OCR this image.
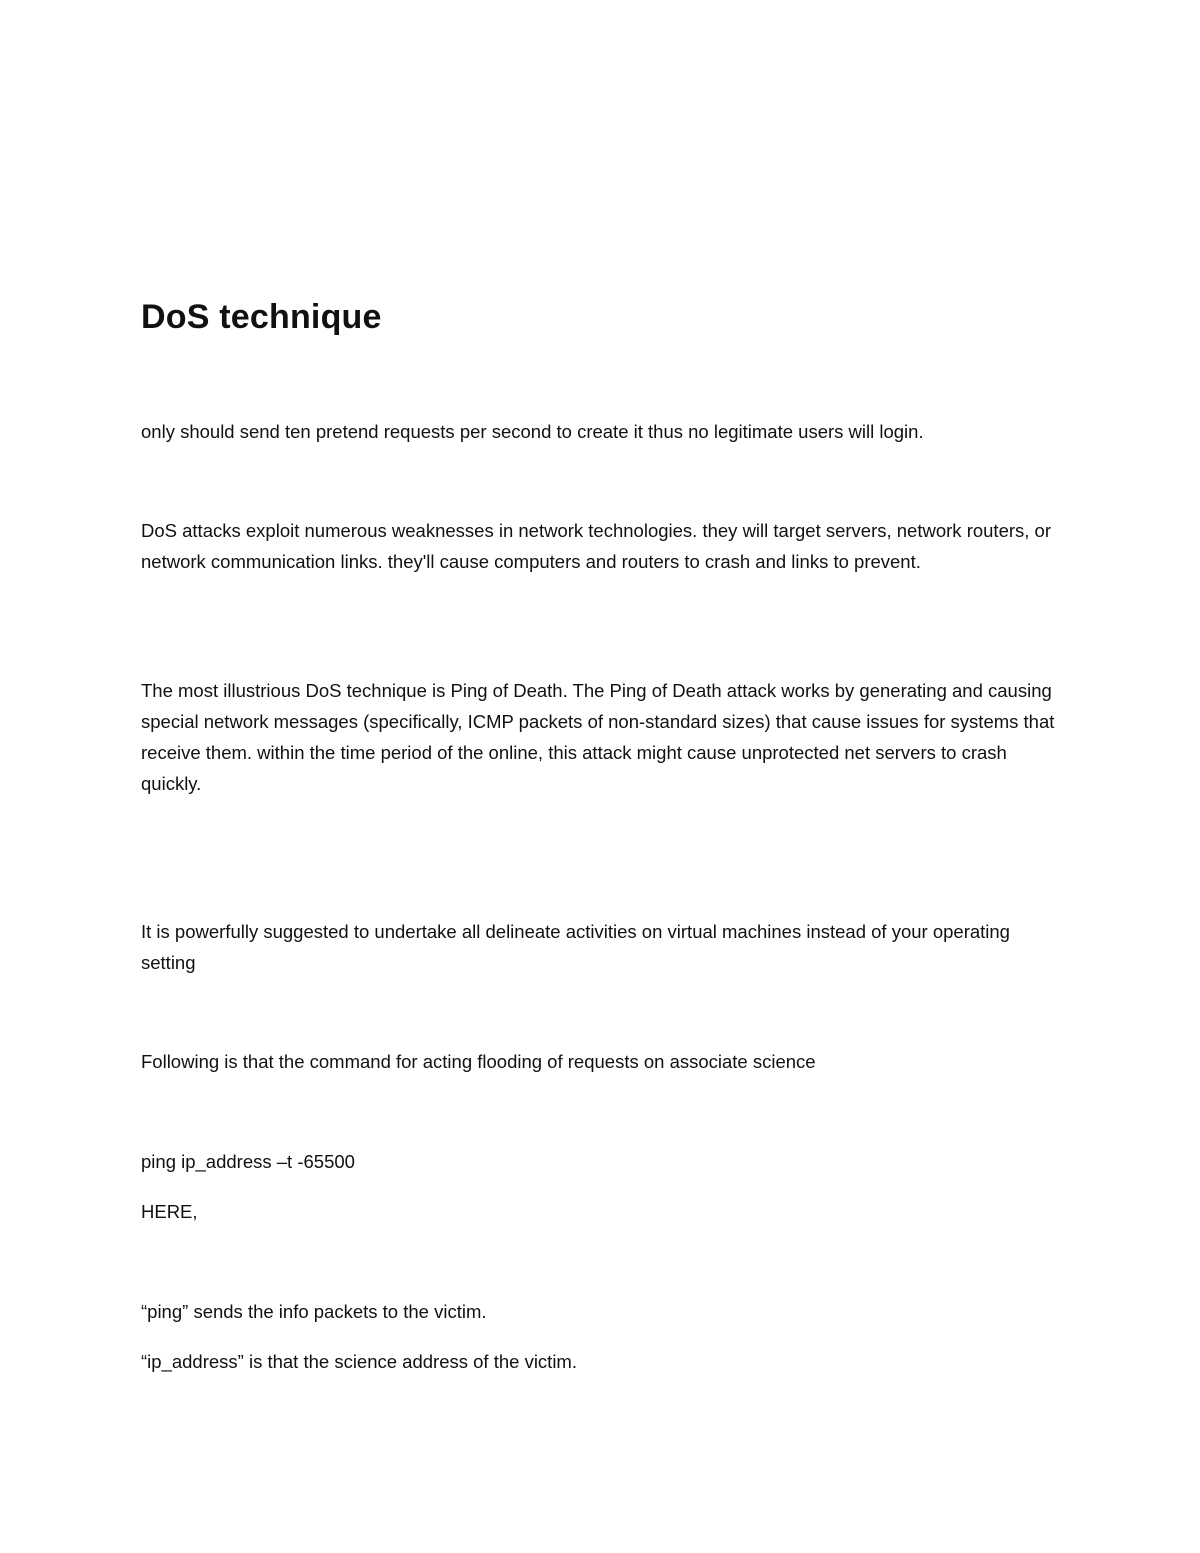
DoS technique

only should send ten pretend requests per second to create it thus no legitimate users will login.

DoS attacks exploit numerous weaknesses in network technologies. they will target servers, network routers, or network communication links. they'll cause computers and routers to crash and links to prevent.

The most illustrious DoS technique is Ping of Death. The Ping of Death attack works by generating and causing special network messages (specifically, ICMP packets of non-standard sizes) that cause issues for systems that receive them. within the time period of the online, this attack might cause unprotected net servers to crash quickly.

It is powerfully suggested to undertake all delineate activities on virtual machines instead of your operating setting

Following is that the command for acting flooding of requests on associate science

ping ip_address –t -65500

HERE,

“ping” sends the info packets to the victim.

“ip_address” is that the science address of the victim.
